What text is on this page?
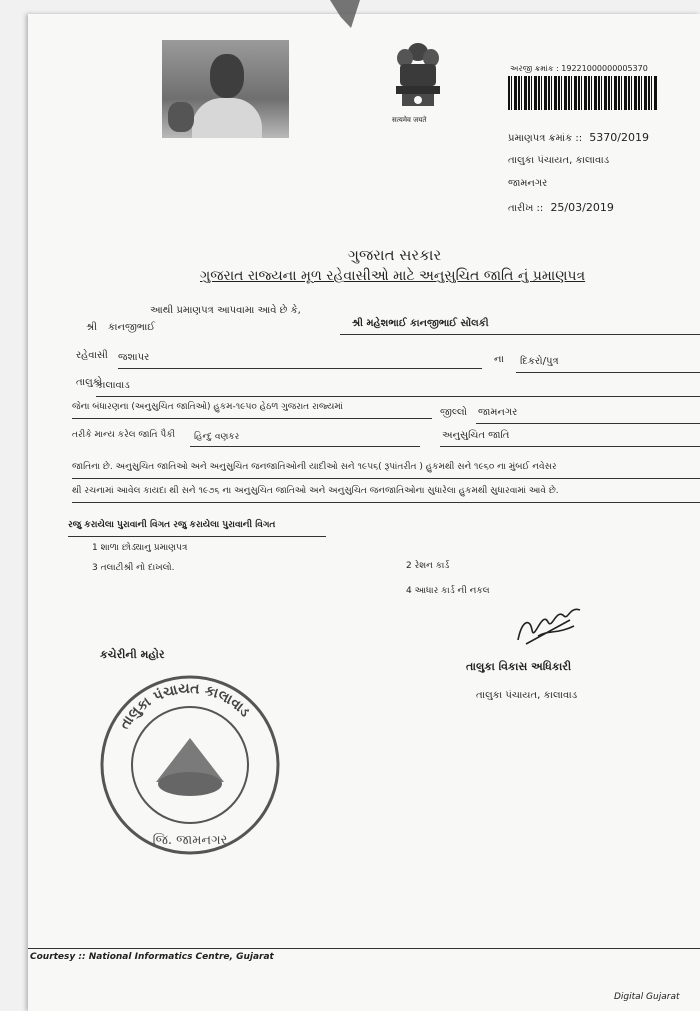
सत्यमेव जयते
અરજી ક્રમાંક : 19221000000005370
પ્રમાણપત્ર ક્રમાંક :: 5370/2019
તાલુકા પંચાયત, કાલાવાડ
જામનગર
તારીખ :: 25/03/2019
ગુજરાત સરકાર
ગુજરાત રાજ્યના મૂળ રહેવાસીઓ માટે અનુસુચિત જાતિ નું પ્રમાણપત્ર
આથી પ્રમાણપત્ર આપવામા આવે છે કે,
શ્રી મહેશભાઈ કાનજીભાઈ સોંલકી
શ્રી કાનજીભાઈ
રહેવાસી જશાપર	ના દિકરો/પુત્ર
તાલુકો
કાલાવાડ
જીલ્લો જામનગર
જેના બંધારણના (અનુસુચિત જાતિઓ) હુકમ-૧૯૫૦ હેઠળ ગુજરાત રાજ્યમાં
અનુસુચિત જાતિ
તરીકે માન્ય કરેલ જાતિ પૈકી હિન્દુ વણકર
જાતિના છે. અનુસુચિત જાતિઓ અને અનુસુચિત જનજાતિઓની યાદીઓ સને ૧૯૫૬( રૂપાંતરીત ) હુકમથી સને ૧૯૬૦ ના મુંબઈ નવેસર
થી રચનામાં આવેલ કાયદા થી સને ૧૯૭૬ ના અનુસુચિત જાતિઓ અને અનુસુચિત જનજાતિઓના સુધારેલા હુકમથી સુધારવામાં આવે છે.
રજુ કરાયેલા પુરાવાની વિગત રજુ કરાયેલા પુરાવાની વિગત
1 શાળા છોડ્યાનુ પ્રમાણપત્ર
2 રેશન કાર્ડ
3 તલાટીશ્રી નો દાખલો.
4 આધાર કાર્ડ ની નકલ
કચેરીની મહોર
તાલુકા પંચાયત કાલાવાડ
જિ. જામનગર
તાલુકા વિકાસ અધિકારી
તાલુકા પંચાયત, કાલાવાડ
Courtesy :: National Informatics Centre, Gujarat
Digital Gujarat
